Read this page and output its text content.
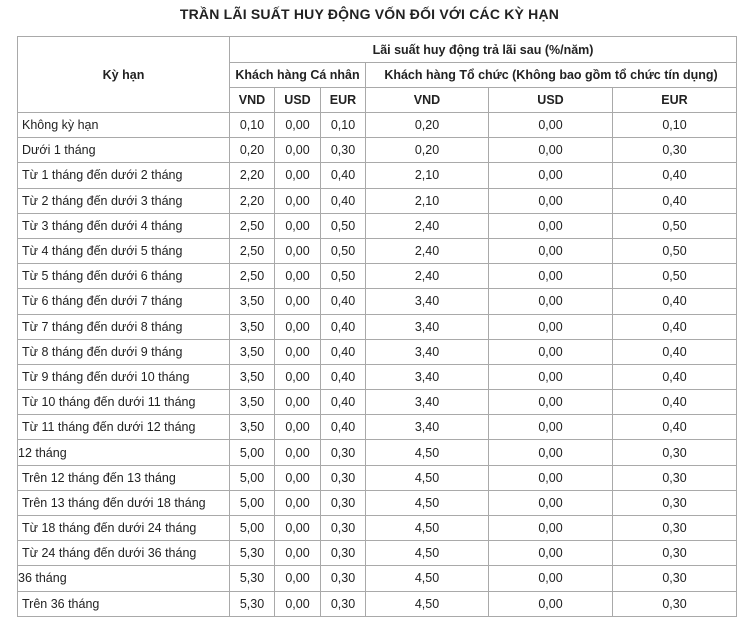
TRẦN LÃI SUẤT HUY ĐỘNG VỐN ĐỐI VỚI CÁC KỲ HẠN
Kỳ hạn	Lãi suất huy động trả lãi sau (%/năm)					
	Khách hàng Cá nhân			Khách hàng Tổ chức (Không bao gồm tổ chức tín dụng)		
	VND	USD	EUR	VND	USD	EUR
Không kỳ hạn	0,10	0,00	0,10	0,20	0,00	0,10
Dưới 1 tháng	0,20	0,00	0,30	0,20	0,00	0,30
Từ 1 tháng đến dưới 2 tháng	2,20	0,00	0,40	2,10	0,00	0,40
Từ 2 tháng đến dưới 3 tháng	2,20	0,00	0,40	2,10	0,00	0,40
Từ 3 tháng đến dưới 4 tháng	2,50	0,00	0,50	2,40	0,00	0,50
Từ 4 tháng đến dưới 5 tháng	2,50	0,00	0,50	2,40	0,00	0,50
Từ 5 tháng đến dưới 6 tháng	2,50	0,00	0,50	2,40	0,00	0,50
Từ 6 tháng đến dưới 7 tháng	3,50	0,00	0,40	3,40	0,00	0,40
Từ 7 tháng đến dưới 8 tháng	3,50	0,00	0,40	3,40	0,00	0,40
Từ 8 tháng đến dưới 9 tháng	3,50	0,00	0,40	3,40	0,00	0,40
Từ 9 tháng đến dưới 10 tháng	3,50	0,00	0,40	3,40	0,00	0,40
Từ 10 tháng đến dưới 11 tháng	3,50	0,00	0,40	3,40	0,00	0,40
Từ 11 tháng đến dưới 12 tháng	3,50	0,00	0,40	3,40	0,00	0,40
12 tháng	5,00	0,00	0,30	4,50	0,00	0,30
Trên 12 tháng đến 13 tháng	5,00	0,00	0,30	4,50	0,00	0,30
Trên 13 tháng đến dưới 18 tháng	5,00	0,00	0,30	4,50	0,00	0,30
Từ 18 tháng đến dưới 24 tháng	5,00	0,00	0,30	4,50	0,00	0,30
Từ 24 tháng đến dưới 36 tháng	5,30	0,00	0,30	4,50	0,00	0,30
36 tháng	5,30	0,00	0,30	4,50	0,00	0,30
Trên 36 tháng	5,30	0,00	0,30	4,50	0,00	0,30
